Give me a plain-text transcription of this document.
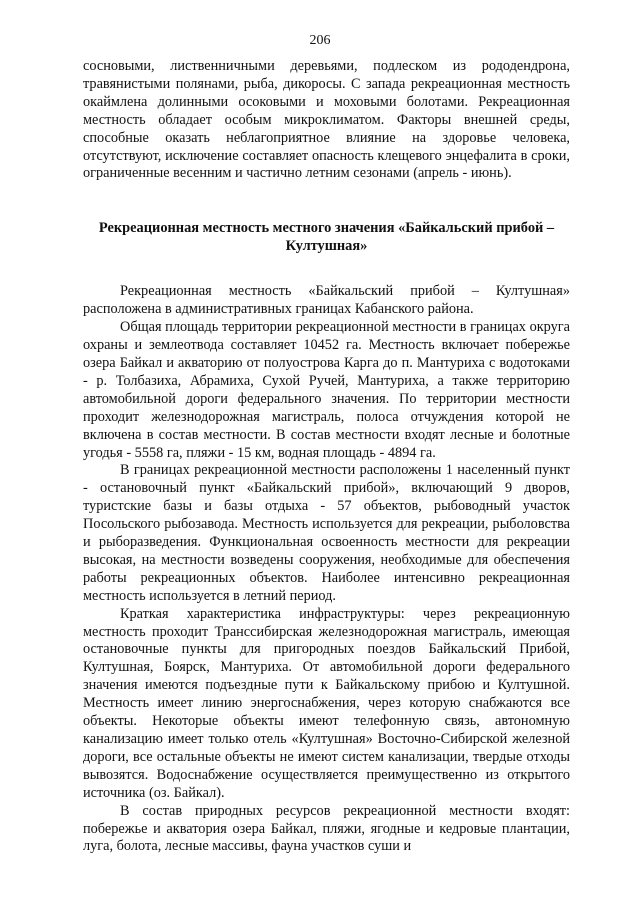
206

сосновыми, лиственничными деревьями, подлеском из рододендрона, травянистыми полянами, рыба, дикоросы. С запада рекреационная местность окаймлена долинными осоковыми и моховыми болотами. Рекреационная местность обладает особым микроклиматом. Факторы внешней среды, способные оказать неблагоприятное влияние на здоровье человека, отсутствуют, исключение составляет опасность клещевого энцефалита в сроки, ограниченные весенним и частично летним сезонами (апрель - июнь).

Рекреационная местность местного значения «Байкальский прибой – Култушная»

Рекреационная местность «Байкальский прибой – Култушная» расположена в административных границах Кабанского района.

Общая площадь территории рекреационной местности в границах округа охраны и землеотвода составляет 10452 га. Местность включает побережье озера Байкал и акваторию от полуострова Карга до п. Мантуриха с водотоками - р. Толбазиха, Абрамиха, Сухой Ручей, Мантуриха, а также территорию автомобильной дороги федерального значения. По территории местности проходит железнодорожная магистраль, полоса отчуждения которой не включена в состав местности. В состав местности входят лесные и болотные угодья - 5558 га, пляжи - 15 км, водная площадь - 4894 га.

В границах рекреационной местности расположены 1 населенный пункт - остановочный пункт «Байкальский прибой», включающий 9 дворов, туристские базы и базы отдыха - 57 объектов, рыбоводный участок Посольского рыбозавода. Местность используется для рекреации, рыболовства и рыборазведения. Функциональная освоенность местности для рекреации высокая, на местности возведены сооружения, необходимые для обеспечения работы рекреационных объектов. Наиболее интенсивно рекреационная местность используется в летний период.

Краткая характеристика инфраструктуры: через рекреационную местность проходит Транссибирская железнодорожная магистраль, имеющая остановочные пункты для пригородных поездов Байкальский Прибой, Култушная, Боярск, Мантуриха. От автомобильной дороги федерального значения имеются подъездные пути к Байкальскому прибою и Култушной. Местность имеет линию энергоснабжения, через которую снабжаются все объекты. Некоторые объекты имеют телефонную связь, автономную канализацию имеет только отель «Култушная» Восточно-Сибирской железной дороги, все остальные объекты не имеют систем канализации, твердые отходы вывозятся. Водоснабжение осуществляется преимущественно из открытого источника (оз. Байкал).

В состав природных ресурсов рекреационной местности входят: побережье и акватория озера Байкал, пляжи, ягодные и кедровые плантации, луга, болота, лесные массивы, фауна участков суши и
